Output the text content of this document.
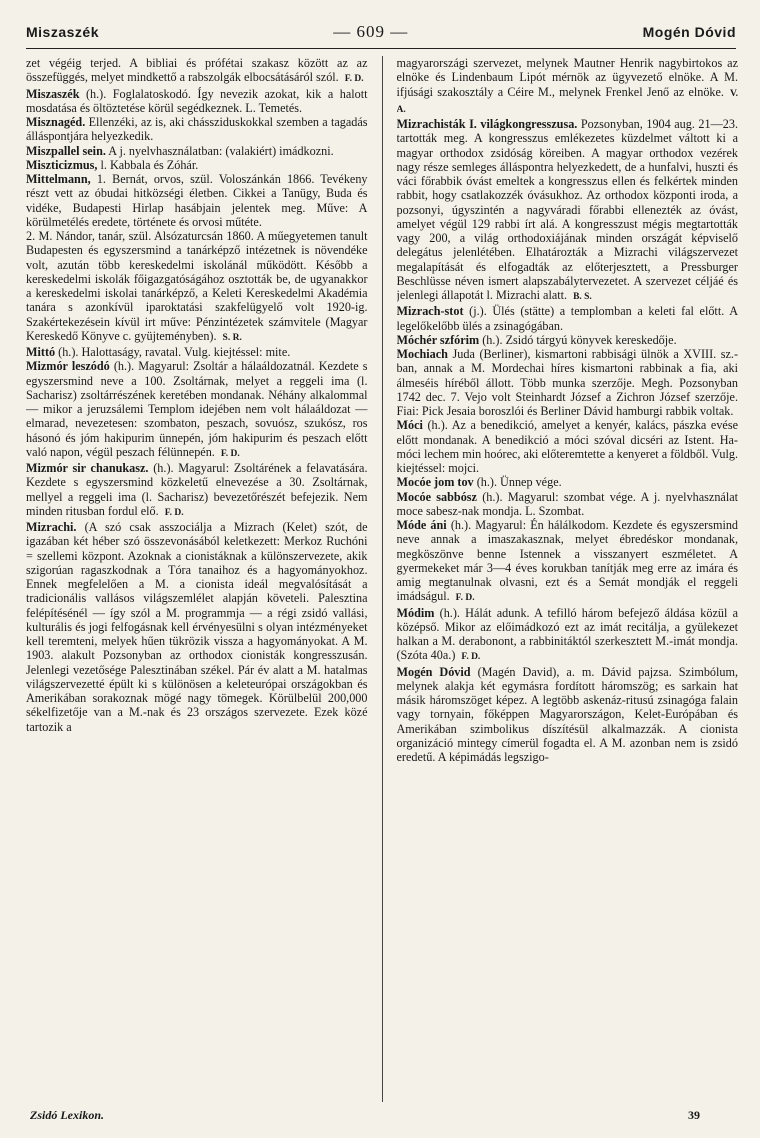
Miszaszék	— 609 —	Mogén Dóvid

zet végéig terjed. A bibliai és prófétai szakasz között az az összefüggés, melyet mindkettő a rabszolgák elbocsátásáról szól. F. D.

Miszaszék (h.). Foglalatoskodó. Így nevezik azokat, kik a halott mosdatása és öltöztetése körül segédkeznek. L. Temetés.

Misznagéd. Ellenzéki, az is, aki chássziduskokkal szemben a tagadás álláspontjára helyezkedik.

Miszpallel sein. A j. nyelvhasználatban: (valakiért) imádkozni.

Miszticizmus, l. Kabbala és Zóhár.

Mittelmann, 1. Bernát, orvos, szül. Voloszánkán 1866. Tevékeny részt vett az óbudai hitközségi életben. Cikkei a Tanügy, Buda és vidéke, Budapesti Hirlap hasábjain jelentek meg. Műve: A körülmetélés eredete, története és orvosi műtéte.

2. M. Nándor, tanár, szül. Alsózaturcsán 1860. A műegyetemen tanult Budapesten és egyszersmind a tanárképző intézetnek is növendéke volt, azután több kereskedelmi iskolánál működött. Később a kereskedelmi iskolák főigazgatóságához osztották be, de ugyanakkor a kereskedelmi iskolai tanárképző, a Keleti Kereskedelmi Akadémia tanára s azonkívül iparoktatási szakfelügyelő volt 1920-ig. Szakértekezésein kívül irt műve: Pénzintézetek számvitele (Magyar Kereskedő Könyve c. gyüjteményben). S. R.

Mittó (h.). Halottaságy, ravatal. Vulg. kiejtéssel: mite.

Mizmór leszódó (h.). Magyarul: Zsoltár a hálaáldozatnál. Kezdete s egyszersmind neve a 100. Zsoltárnak, melyet a reggeli ima (l. Sacharisz) zsoltárrészének keretében mondanak. Néhány alkalommal — mikor a jeruzsálemi Templom idejében nem volt hálaáldozat — elmarad, nevezetesen: szombaton, peszach, sovuósz, szukósz, ros hásonó és jóm hakipurim ünnepén, jóm hakipurim és peszach előtt való napon, végül peszach félünnepén. F. D.

Mizmór sir chanukasz. (h.). Magyarul: Zsoltárének a felavatására. Kezdete s egyszersmind közkeletű elnevezése a 30. Zsoltárnak, mellyel a reggeli ima (l. Sacharisz) bevezetőrészét befejezik. Nem minden ritusban fordul elő. F. D.

Mizrachi. (A szó csak asszociálja a Mizrach (Kelet) szót, de igazában két héber szó összevonásából keletkezett: Merkoz Ruchóni = szellemi központ. Azoknak a cionistáknak a különszervezete, akik szigorúan ragaszkodnak a Tóra tanaihoz és a hagyományokhoz. Ennek megfelelően a M. a cionista ideál megvalósítását a tradicionális vallásos világszemlélet alapján követeli. Palesztina felépítésénél — így szól a M. programmja — a régi zsidó vallási, kulturális és jogi felfogásnak kell érvényesülni s olyan intézményeket kell teremteni, melyek hűen tükrözik vissza a hagyományokat. A M. 1903. alakult Pozsonyban az orthodox cionisták kongresszusán. Jelenlegi vezetősége Palesztinában székel. Pár év alatt a M. hatalmas világszervezetté épült ki s különösen a keleteurópai országokban és Amerikában sorakoznak mögé nagy tömegek. Körülbelül 200,000 sékelfizetője van a M.-nak és 23 országos szervezete. Ezek közé tartozik a

magyarországi szervezet, melynek Mautner Henrik nagybirtokos az elnöke és Lindenbaum Lipót mérnök az ügyvezető elnöke. A M. ifjúsági szakosztály a Céire M., melynek Frenkel Jenő az elnöke. V. A.

Mizrachisták I. világkongresszusa. Pozsonyban, 1904 aug. 21—23. tartották meg. A kongresszus emlékezetes küzdelmet váltott ki a magyar orthodox zsidóság köreiben. A magyar orthodox vezérek nagy része semleges álláspontra helyezkedett, de a hunfalvi, huszti és váci főrabbik óvást emeltek a kongresszus ellen és felkértek minden rabbit, hogy csatlakozzék óvásukhoz. Az orthodox központi iroda, a pozsonyi, úgyszintén a nagyváradi főrabbi ellenezték az óvást, amelyet végül 129 rabbi írt alá. A kongresszust mégis megtartották vagy 200, a világ orthodoxiájának minden országát képviselő delegátus jelenlétében. Elhatározták a Mizrachi világszervezet megalapítását és elfogadták az előterjesztett, a Pressburger Beschlüsse néven ismert alapszabálytervezetet. A szervezet céljáé és jelenlegi állapotát l. Mizrachi alatt. B. S.

Mizrach-stot (j.). Ülés (stätte) a templomban a keleti fal előtt. A legelőkelőbb ülés a zsinagógában.

Móchér szfórim (h.). Zsidó tárgyú könyvek kereskedője.

Mochiach Juda (Berliner), kismartoni rabbisági ülnök a XVIII. sz.-ban, annak a M. Mordechai híres kismartoni rabbinak a fia, aki álmeséis híréből állott. Több munka szerzője. Megh. Pozsonyban 1742 dec. 7. Vejo volt Steinhardt József a Zichron József szerzője. Fiai: Pick Jesaia boroszlói és Berliner Dávid hamburgi rabbik voltak.

Móci (h.). Az a benedikció, amelyet a kenyér, kalács, pászka evése előtt mondanak. A benedikció a móci szóval dicséri az Istent. Ha-móci lechem min hoórec, aki előteremtette a kenyeret a földből. Vulg. kiejtéssel: mojci.

Mocóe jom tov (h.). Ünnep vége.

Mocóe sabbósz (h.). Magyarul: szombat vége. A j. nyelvhasználat moce sabesz-nak mondja. L. Szombat.

Móde áni (h.). Magyarul: Én hálálkodom. Kezdete és egyszersmind neve annak a imaszakasznak, melyet ébredéskor mondanak, megköszönve benne Istennek a visszanyert eszméletet. A gyermekeket már 3—4 éves korukban tanítják meg erre az imára és amig megtanulnak olvasni, ezt és a Semát mondják el reggeli imádságul. F. D.

Módim (h.). Hálát adunk. A tefilló három befejező áldása közül a középső. Mikor az előimádkozó ezt az imát recitálja, a gyülekezet halkan a M. derabonont, a rabbinitáktól szerkesztett M.-imát mondja. (Szóta 40a.) F. D.

Mogén Dóvid (Magén David), a. m. Dávid pajzsa. Szimbólum, melynek alakja két egymásra fordított háromszög; es sarkain hat másik háromszöget képez. A legtöbb askenáz-ritusú zsinagóga falain vagy tornyain, főképpen Magyarországon, Kelet-Európában és Amerikában szimbolikus díszítésül alkalmazzák. A cionista organizáció mintegy címerül fogadta el. A M. azonban nem is zsidó eredetű. A képimádás legszigo-

Zsidó Lexikon.	39
